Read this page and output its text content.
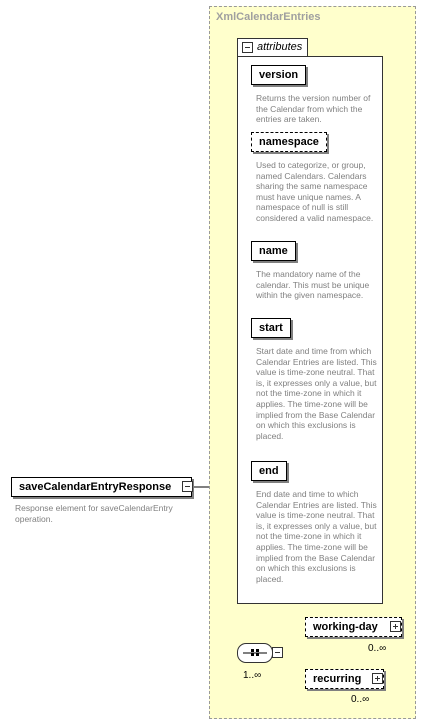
XmlCalendarEntries
attributes
version
Returns the version number of the Calendar from which the entries are taken.
namespace
Used to categorize, or group, named Calendars. Calendars sharing the same namespace must have unique names. A namespace of null is still considered a valid namespace.
name
The mandatory name of the calendar. This must be unique within the given namespace.
start
Start date and time from which Calendar Entries are listed. This value is time-zone neutral. That is, it expresses only a value, but not the time-zone in which it applies. The time-zone will be implied from the Base Calendar on which this exclusions is placed.
end
End date and time to which Calendar Entries are listed. This value is time-zone neutral. That is, it expresses only a value, but not the time-zone in which it applies. The time-zone will be implied from the Base Calendar on which this exclusions is placed.
saveCalendarEntryResponse
Response element for saveCalendarEntry operation.
1..∞
working-day
0..∞
recurring
0..∞
